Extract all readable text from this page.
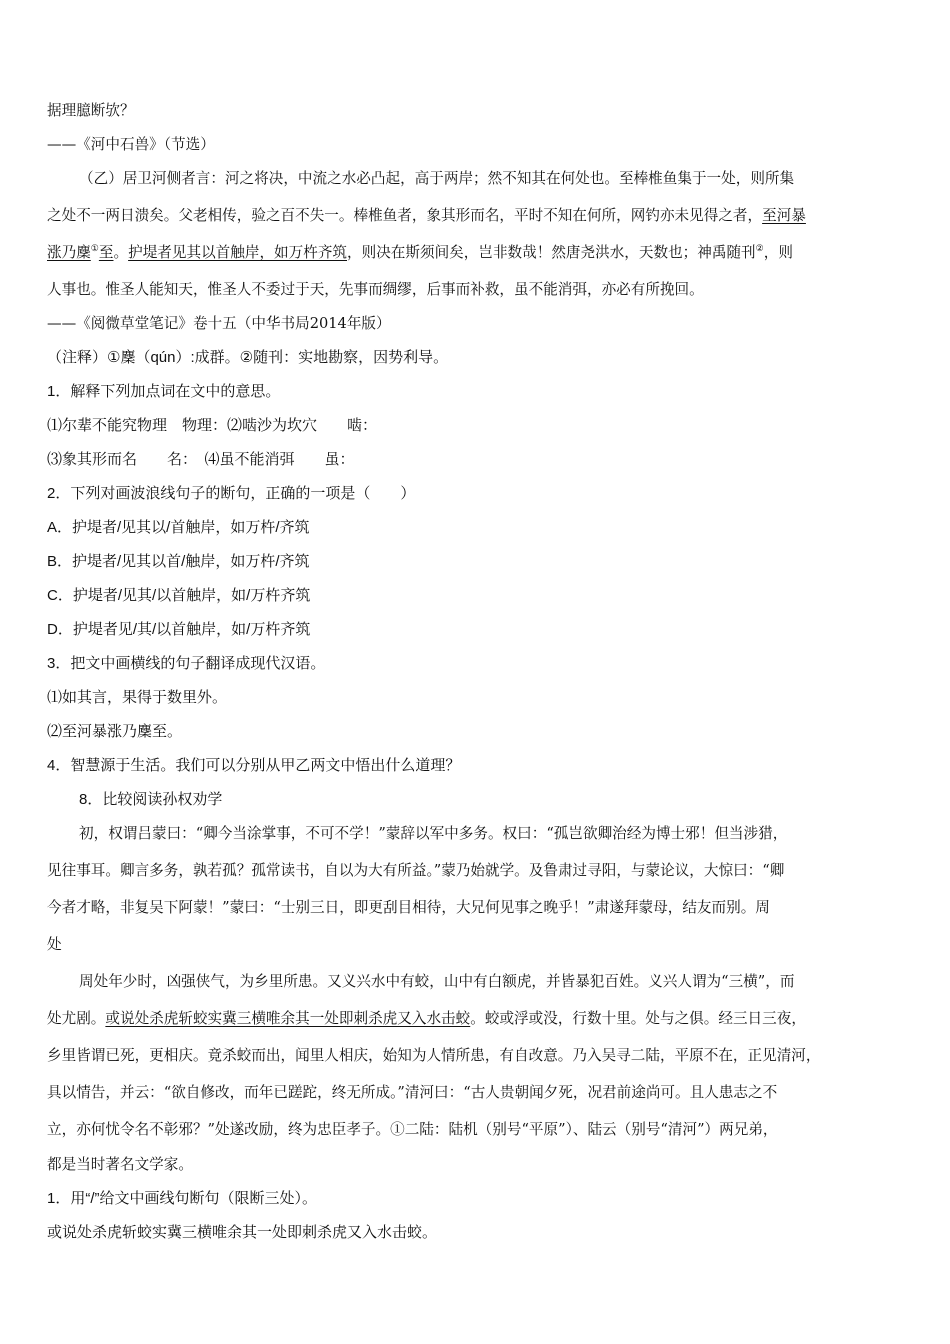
据理臆断欤？
——《河中石兽》（节选）
（乙）居卫河侧者言：河之将决，中流之水必凸起，高于两岸；然不知其在何处也。至棒椎鱼集于一处，则所集
之处不一两日溃矣。父老相传，验之百不失一。棒椎鱼者，象其形而名，平时不知在何所，网钓亦未见得之者，至河暴
涨乃麇①至。护堤者见其以首触岸，如万杵齐筑，则决在斯须间矣，岂非数哉！然唐尧洪水，天数也；神禹随刊②，则
人事也。惟圣人能知天，惟圣人不委过于天，先事而绸缪，后事而补救，虽不能消弭，亦必有所挽回。
——《阅微草堂笔记》卷十五（中华书局2014年版）
（注释）①麇（qún）:成群。②随刊：实地勘察，因势利导。
1．解释下列加点词在文中的意思。
⑴尔辈不能究物理　物理：⑵啮沙为坎穴　　啮：
⑶象其形而名　　名：　⑷虽不能消弭　　虽：
2．下列对画波浪线句子的断句，正确的一项是（　　）
A．护堤者/见其以/首触岸，如万杵/齐筑
B．护堤者/见其以首/触岸，如万杵/齐筑
C．护堤者/见其/以首触岸，如/万杵齐筑
D．护堤者见/其/以首触岸，如/万杵齐筑
3．把文中画横线的句子翻译成现代汉语。
⑴如其言，果得于数里外。
⑵至河暴涨乃麇至。
4．智慧源于生活。我们可以分别从甲乙两文中悟出什么道理？
8．比较阅读孙权劝学
初，权谓吕蒙曰：“卿今当涂掌事，不可不学！”蒙辞以军中多务。权曰：“孤岂欲卿治经为博士邪！但当涉猎，
见往事耳。卿言多务，孰若孤？孤常读书，自以为大有所益。”蒙乃始就学。及鲁肃过寻阳，与蒙论议，大惊曰：“卿
今者才略，非复吴下阿蒙！”蒙曰：“士别三日，即更刮目相待，大兄何见事之晚乎！”肃遂拜蒙母，结友而别。周
处
周处年少时，凶强侠气，为乡里所患。又义兴水中有蛟，山中有白额虎，并皆暴犯百姓。义兴人谓为“三横”，而
处尤剧。或说处杀虎斩蛟实冀三横唯余其一处即刺杀虎又入水击蛟。蛟或浮或没，行数十里。处与之俱。经三日三夜，
乡里皆谓已死，更相庆。竟杀蛟而出，闻里人相庆，始知为人情所患，有自改意。乃入吴寻二陆，平原不在，正见清河，
具以情告，并云：“欲自修改，而年已蹉跎，终无所成。”清河曰：“古人贵朝闻夕死，况君前途尚可。且人患志之不
立，亦何忧令名不彰邪？”处遂改励，终为忠臣孝子。①二陆：陆机（别号“平原”）、陆云（别号“清河”）两兄弟，
都是当时著名文学家。
1．用“/”给文中画线句断句（限断三处）。
或说处杀虎斩蛟实冀三横唯余其一处即刺杀虎又入水击蛟。
